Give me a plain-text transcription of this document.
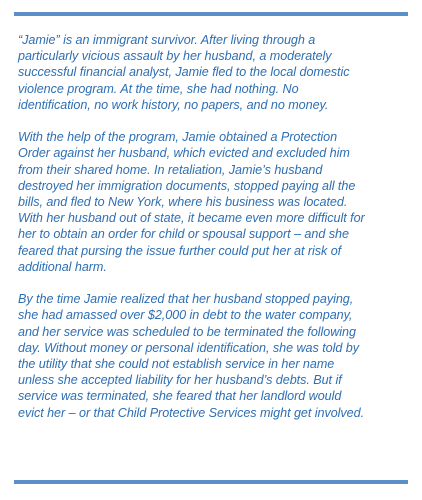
“Jamie” is an immigrant survivor. After living through a
particularly vicious assault by her husband, a moderately
successful financial analyst, Jamie fled to the local domestic
violence program. At the time, she had nothing. No
identification, no work history, no papers, and no money.

With the help of the program, Jamie obtained a Protection
Order against her husband, which evicted and excluded him
from their shared home. In retaliation, Jamie’s husband
destroyed her immigration documents, stopped paying all the
bills, and fled to New York, where his business was located.
With her husband out of state, it became even more difficult for
her to obtain an order for child or spousal support – and she
feared that pursing the issue further could put her at risk of
additional harm.

By the time Jamie realized that her husband stopped paying,
she had amassed over $2,000 in debt to the water company,
and her service was scheduled to be terminated the following
day. Without money or personal identification, she was told by
the utility that she could not establish service in her name
unless she accepted liability for her husband’s debts. But if
service was terminated, she feared that her landlord would
evict her – or that Child Protective Services might get involved.
